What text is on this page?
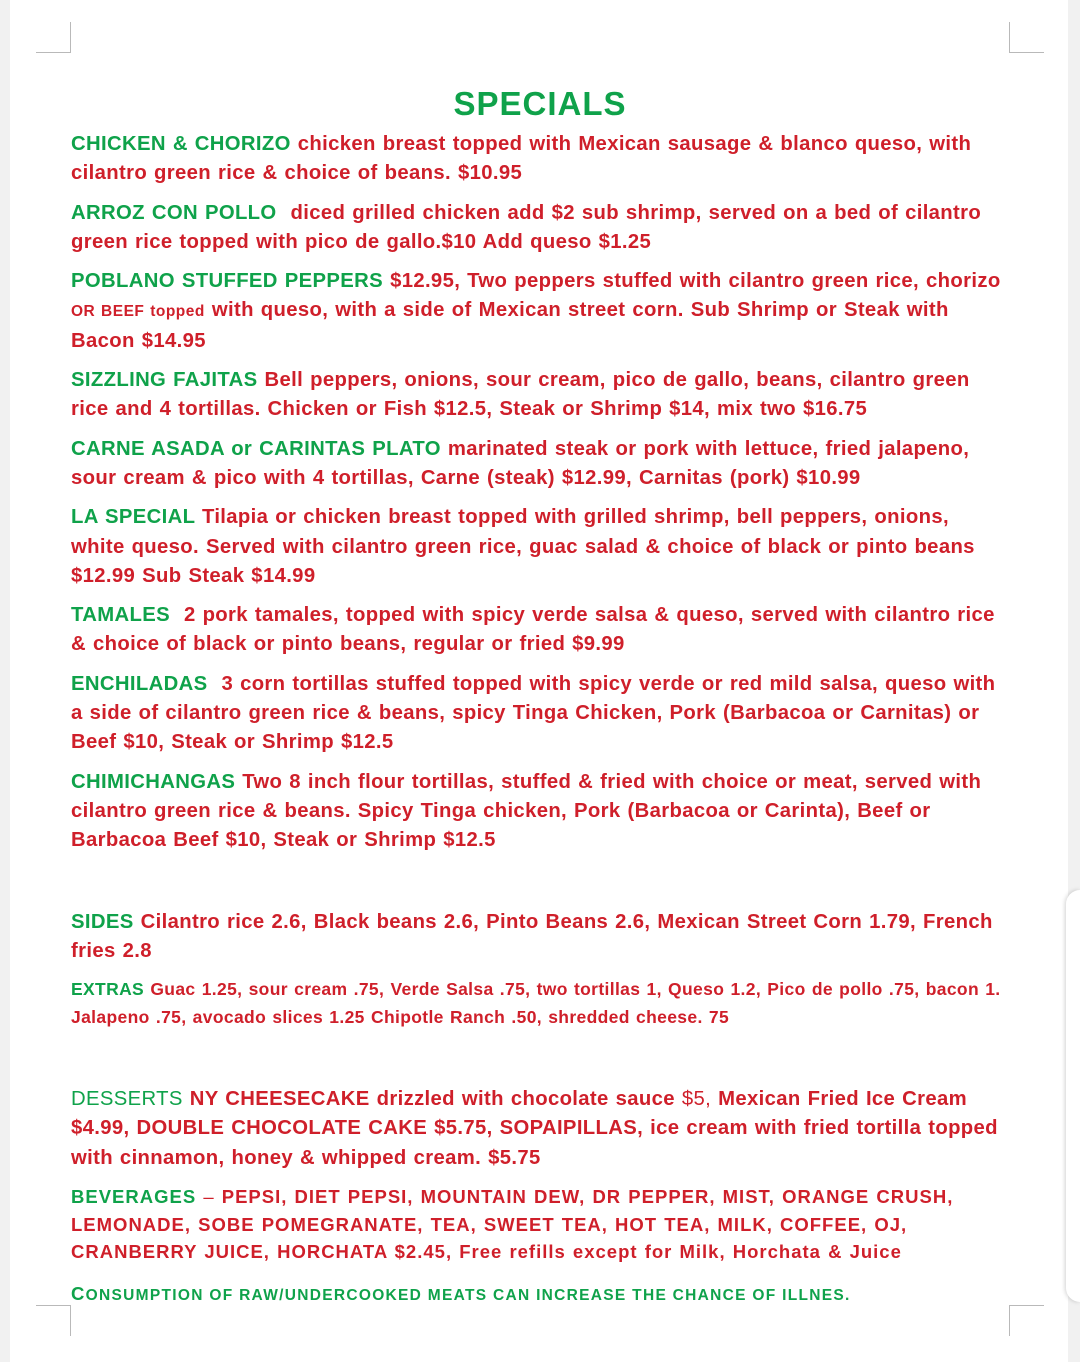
SPECIALS

CHICKEN & CHORIZO chicken breast topped with Mexican sausage & blanco queso, with cilantro green rice & choice of beans. $10.95

ARROZ CON POLLO diced grilled chicken add $2 sub shrimp, served on a bed of cilantro green rice topped with pico de gallo.$10 Add queso $1.25

POBLANO STUFFED PEPPERS $12.95, Two peppers stuffed with cilantro green rice, chorizo OR BEEF topped with queso, with a side of Mexican street corn. Sub Shrimp or Steak with Bacon $14.95

SIZZLING FAJITAS Bell peppers, onions, sour cream, pico de gallo, beans, cilantro green rice and 4 tortillas. Chicken or Fish $12.5, Steak or Shrimp $14, mix two $16.75

CARNE ASADA or CARINTAS PLATO marinated steak or pork with lettuce, fried jalapeno, sour cream & pico with 4 tortillas, Carne (steak) $12.99, Carnitas (pork) $10.99

LA SPECIAL Tilapia or chicken breast topped with grilled shrimp, bell peppers, onions, white queso. Served with cilantro green rice, guac salad & choice of black or pinto beans $12.99 Sub Steak $14.99

TAMALES 2 pork tamales, topped with spicy verde salsa & queso, served with cilantro rice & choice of black or pinto beans, regular or fried $9.99

ENCHILADAS 3 corn tortillas stuffed topped with spicy verde or red mild salsa, queso with a side of cilantro green rice & beans, spicy Tinga Chicken, Pork (Barbacoa or Carnitas) or Beef $10, Steak or Shrimp $12.5

CHIMICHANGAS Two 8 inch flour tortillas, stuffed & fried with choice or meat, served with cilantro green rice & beans. Spicy Tinga chicken, Pork (Barbacoa or Carinta), Beef or Barbacoa Beef $10, Steak or Shrimp $12.5

SIDES Cilantro rice 2.6, Black beans 2.6, Pinto Beans 2.6, Mexican Street Corn 1.79, French fries 2.8

EXTRAS Guac 1.25, sour cream .75, Verde Salsa .75, two tortillas 1, Queso 1.2, Pico de pollo .75, bacon 1. Jalapeno .75, avocado slices 1.25 Chipotle Ranch .50, shredded cheese. 75

DESSERTS NY CHEESECAKE drizzled with chocolate sauce $5, Mexican Fried Ice Cream $4.99, DOUBLE CHOCOLATE CAKE $5.75, SOPAIPILLAS, ice cream with fried tortilla topped with cinnamon, honey & whipped cream. $5.75

BEVERAGES – PEPSI, DIET PEPSI, MOUNTAIN DEW, DR PEPPER, MIST, ORANGE CRUSH, LEMONADE, SOBE POMEGRANATE, TEA, SWEET TEA, HOT TEA, MILK, COFFEE, OJ, CRANBERRY JUICE, HORCHATA $2.45, Free refills except for Milk, Horchata & Juice

CONSUMPTION OF RAW/UNDERCOOKED MEATS CAN INCREASE THE CHANCE OF ILLNES.
